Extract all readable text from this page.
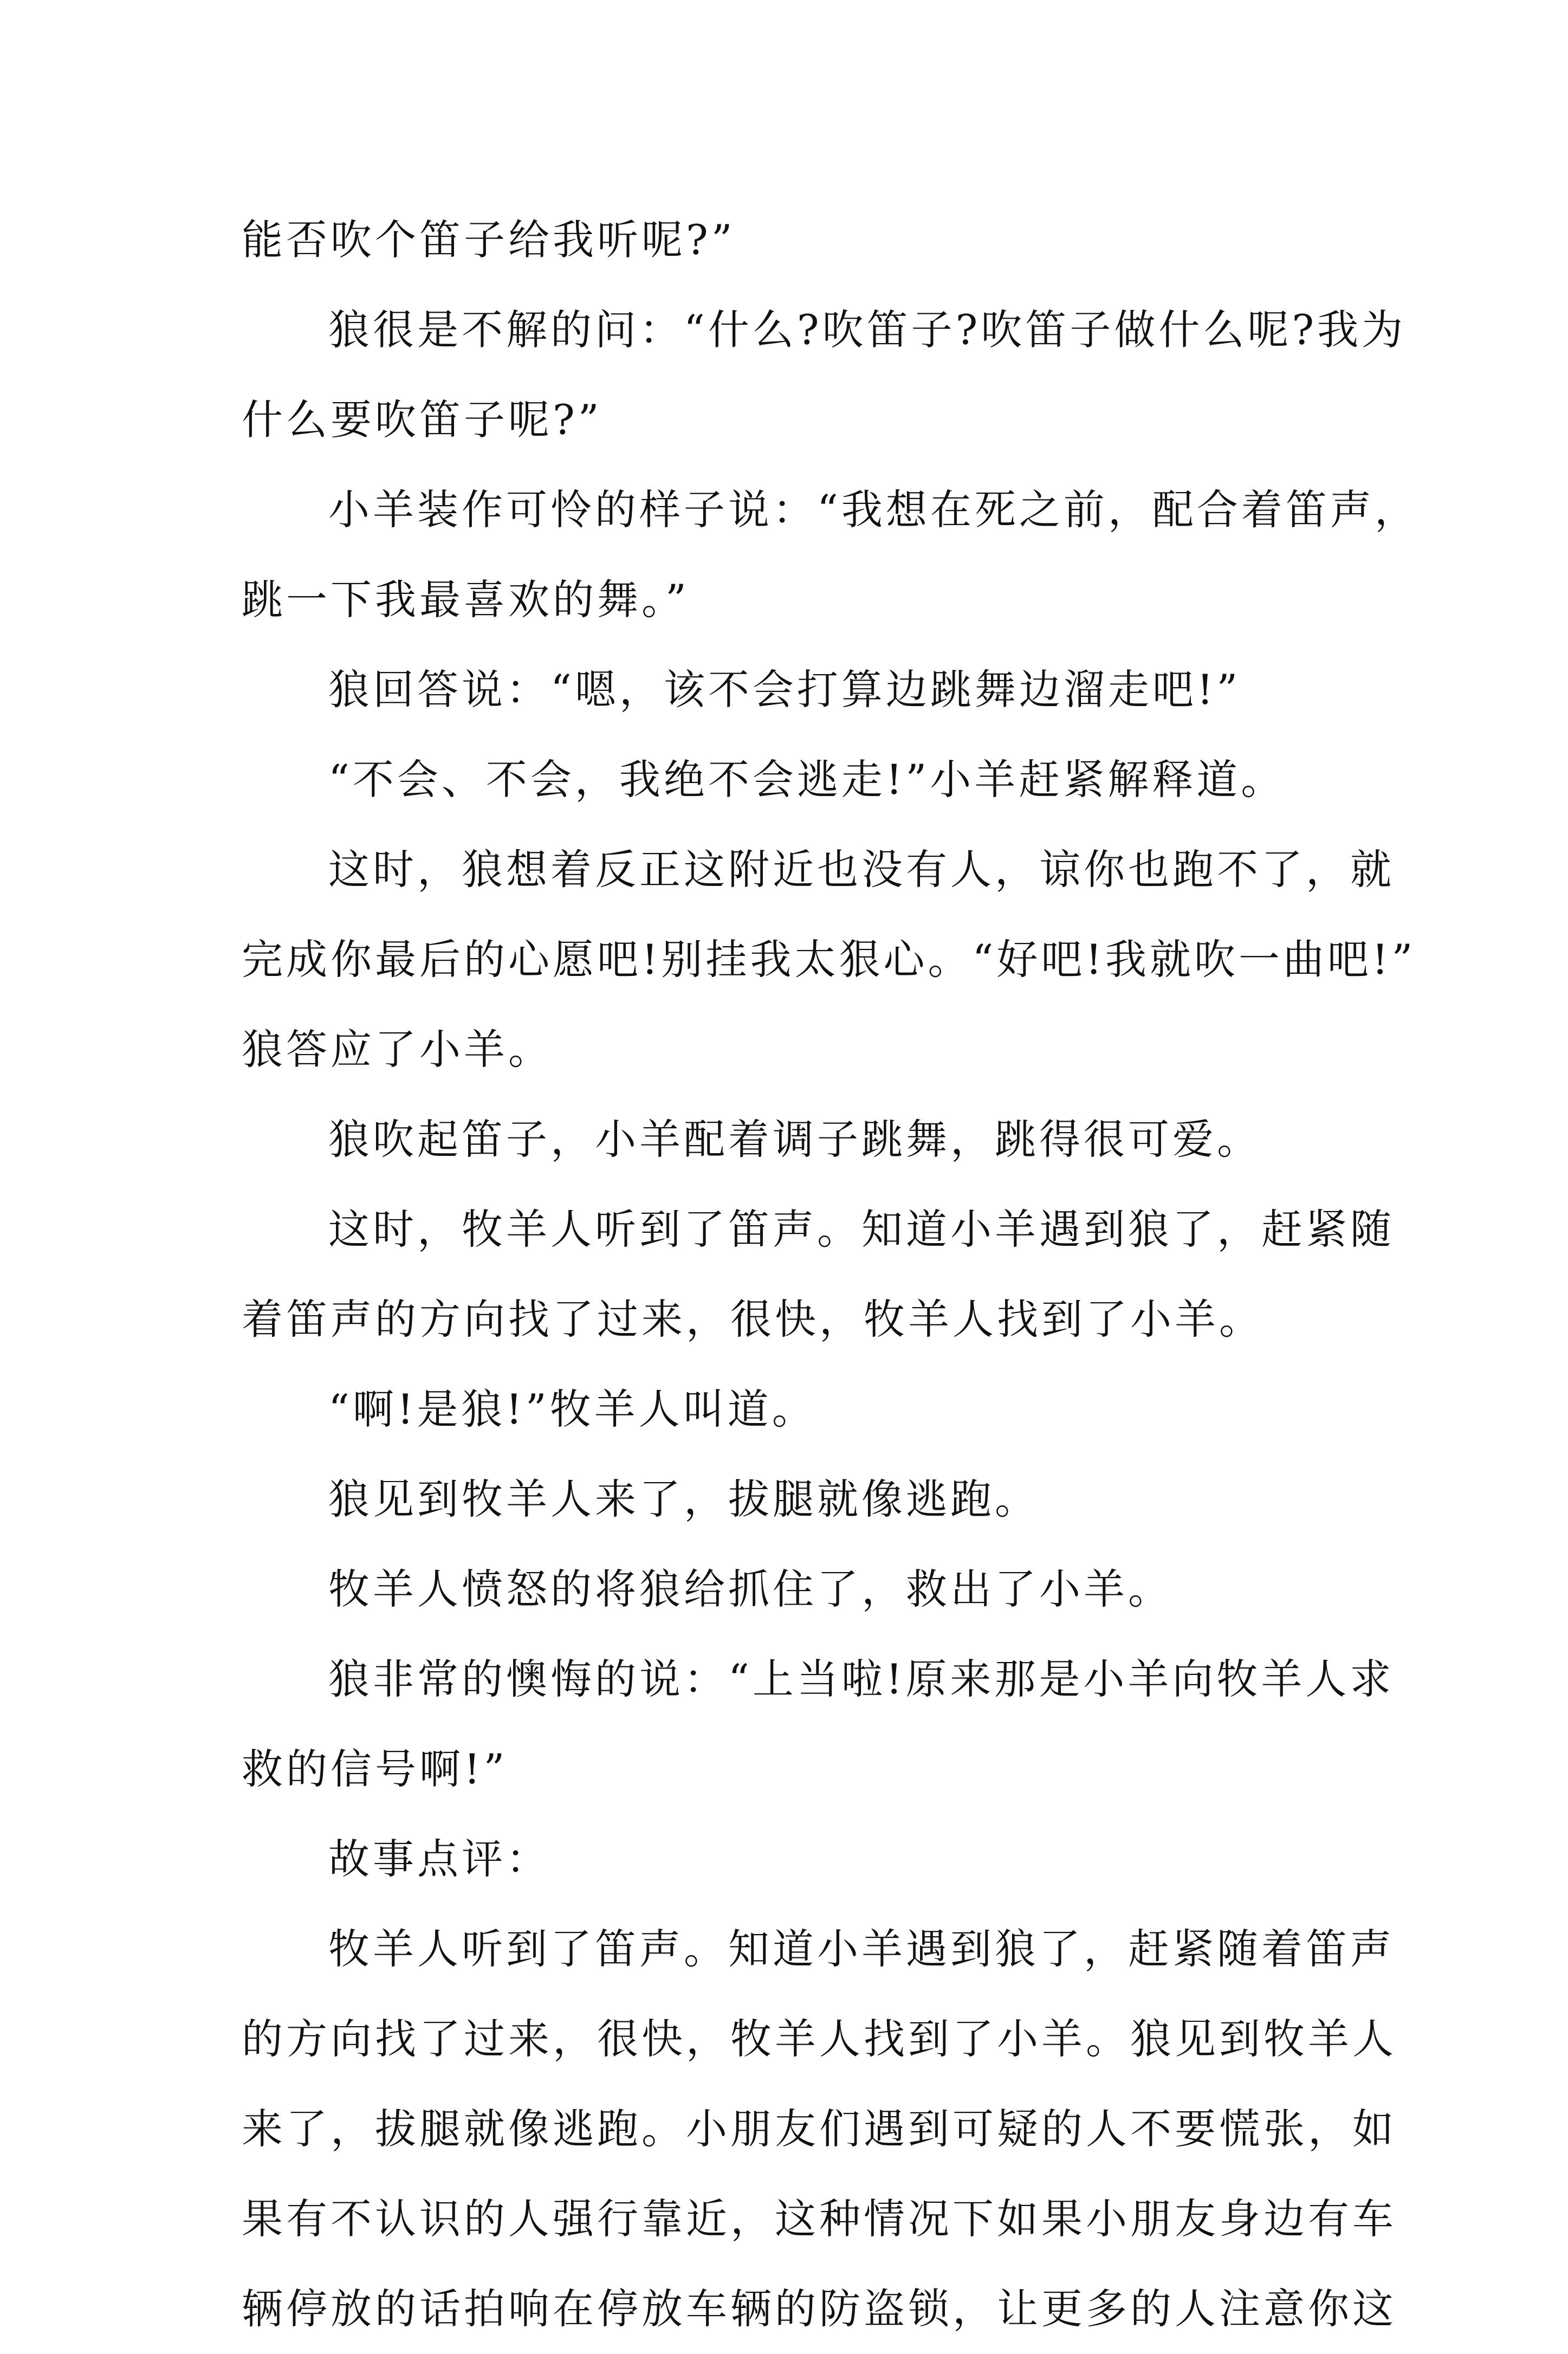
能否吹个笛子给我听呢?”
狼很是不解的问：“什么?吹笛子?吹笛子做什么呢?我为
什么要吹笛子呢?”
小羊装作可怜的样子说：“我想在死之前，配合着笛声，
跳一下我最喜欢的舞。”
狼回答说：“嗯，该不会打算边跳舞边溜走吧!”
“不会、不会，我绝不会逃走!”小羊赶紧解释道。
这时，狼想着反正这附近也没有人，谅你也跑不了，就
完成你最后的心愿吧!别挂我太狠心。“好吧!我就吹一曲吧!”
狼答应了小羊。
狼吹起笛子，小羊配着调子跳舞，跳得很可爱。
这时，牧羊人听到了笛声。知道小羊遇到狼了，赶紧随
着笛声的方向找了过来，很快，牧羊人找到了小羊。
“啊!是狼!”牧羊人叫道。
狼见到牧羊人来了，拔腿就像逃跑。
牧羊人愤怒的将狼给抓住了，救出了小羊。
狼非常的懊悔的说：“上当啦!原来那是小羊向牧羊人求
救的信号啊!”
故事点评：
牧羊人听到了笛声。知道小羊遇到狼了，赶紧随着笛声
的方向找了过来，很快，牧羊人找到了小羊。狼见到牧羊人
来了，拔腿就像逃跑。小朋友们遇到可疑的人不要慌张，如
果有不认识的人强行靠近，这种情况下如果小朋友身边有车
辆停放的话拍响在停放车辆的防盗锁，让更多的人注意你这
